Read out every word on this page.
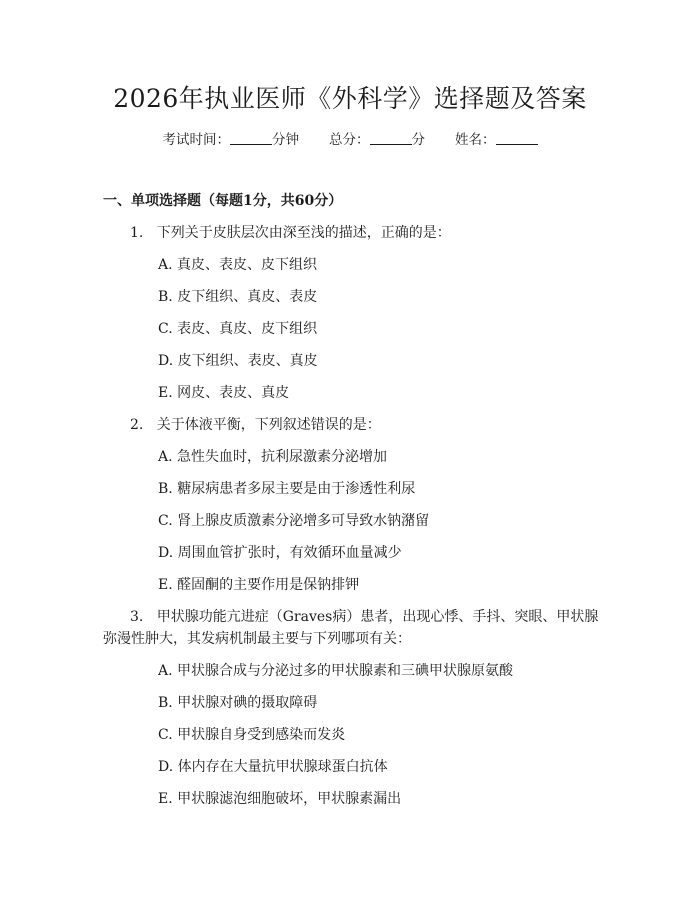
2026年执业医师《外科学》选择题及答案
考试时间：	分钟 总分：	分 姓名：
一、单项选择题（每题1分，共60分）
1. 下列关于皮肤层次由深至浅的描述，正确的是：
A. 真皮、表皮、皮下组织
B. 皮下组织、真皮、表皮
C. 表皮、真皮、皮下组织
D. 皮下组织、表皮、真皮
E. 网皮、表皮、真皮
2. 关于体液平衡，下列叙述错误的是：
A. 急性失血时，抗利尿激素分泌增加
B. 糖尿病患者多尿主要是由于渗透性利尿
C. 肾上腺皮质激素分泌增多可导致水钠潴留
D. 周围血管扩张时，有效循环血量减少
E. 醛固酮的主要作用是保钠排钾
3. 甲状腺功能亢进症（Graves病）患者，出现心悸、手抖、突眼、甲状腺
弥漫性肿大，其发病机制最主要与下列哪项有关：
A. 甲状腺合成与分泌过多的甲状腺素和三碘甲状腺原氨酸
B. 甲状腺对碘的摄取障碍
C. 甲状腺自身受到感染而发炎
D. 体内存在大量抗甲状腺球蛋白抗体
E. 甲状腺滤泡细胞破坏，甲状腺素漏出
